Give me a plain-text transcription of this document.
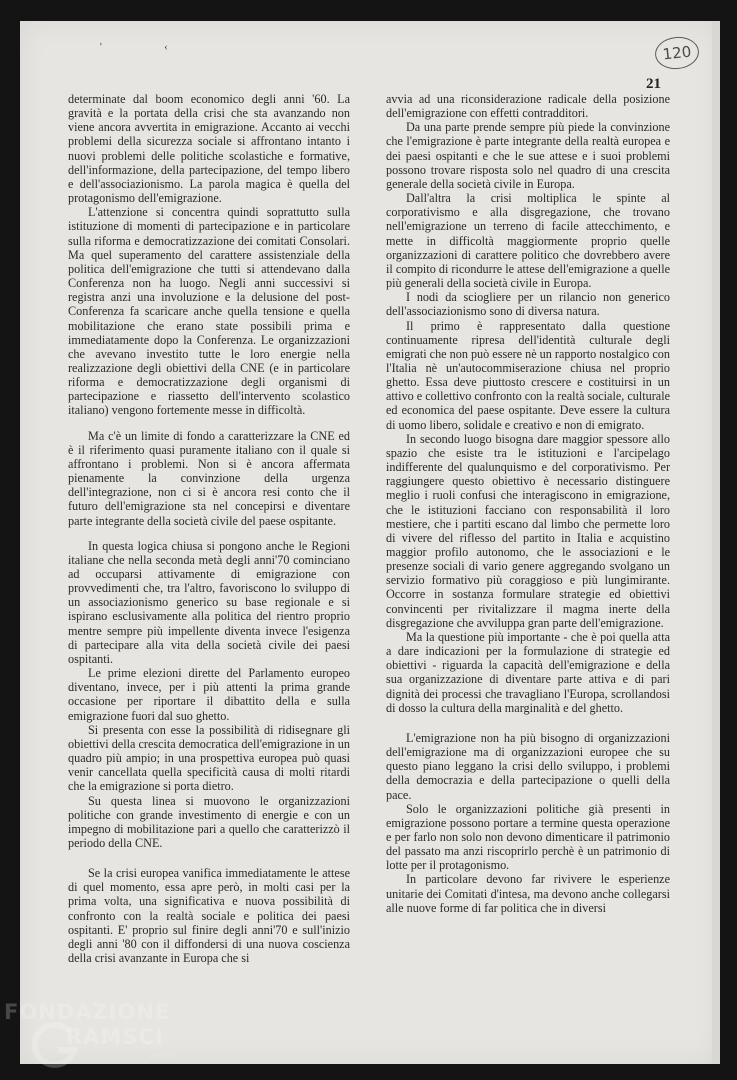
' ‹	120
21

determinate dal boom economico degli anni '60. La gravità e la portata della crisi che sta avanzando non viene ancora avvertita in emigrazione. Accanto ai vecchi problemi della sicurezza sociale si affrontano intanto i nuovi problemi delle politiche scolastiche e formative, dell'informazione, della partecipazione, del tempo libero e dell'associazionismo. La parola magica è quella del protagonismo dell'emigrazione.

L'attenzione si concentra quindi soprattutto sulla istituzione di momenti di partecipazione e in particolare sulla riforma e democratizzazione dei comitati Consolari. Ma quel superamento del carattere assistenziale della politica dell'emigrazione che tutti si attendevano dalla Conferenza non ha luogo. Negli anni successivi si registra anzi una involuzione e la delusione del post-Conferenza fa scaricare anche quella tensione e quella mobilitazione che erano state possibili prima e immediatamente dopo la Conferenza. Le organizzazioni che avevano investito tutte le loro energie nella realizzazione degli obiettivi della CNE (e in particolare riforma e democratizzazione degli organismi di partecipazione e riassetto dell'intervento scolastico italiano) vengono fortemente messe in difficoltà.

Ma c'è un limite di fondo a caratterizzare la CNE ed è il riferimento quasi puramente italiano con il quale si affrontano i problemi. Non si è ancora affermata pienamente la convinzione della urgenza dell'integrazione, non ci si è ancora resi conto che il futuro dell'emigrazione sta nel concepirsi e diventare parte integrante della società civile del paese ospitante.

In questa logica chiusa si pongono anche le Regioni italiane che nella seconda metà degli anni'70 cominciano ad occuparsi attivamente di emigrazione con provvedimenti che, tra l'altro, favoriscono lo sviluppo di un associazionismo generico su base regionale e si ispirano esclusivamente alla politica del rientro proprio mentre sempre più impellente diventa invece l'esigenza di partecipare alla vita della società civile dei paesi ospitanti.

Le prime elezioni dirette del Parlamento europeo diventano, invece, per i più attenti la prima grande occasione per riportare il dibattito della e sulla emigrazione fuori dal suo ghetto.

Si presenta con esse la possibilità di ridisegnare gli obiettivi della crescita democratica dell'emigrazione in un quadro più ampio; in una prospettiva europea può quasi venir cancellata quella specificità causa di molti ritardi che la emigrazione si porta dietro.

Su questa linea si muovono le organizzazioni politiche con grande investimento di energie e con un impegno di mobilitazione pari a quello che caratterizzò il periodo della CNE.

Se la crisi europea vanifica immediatamente le attese di quel momento, essa apre però, in molti casi per la prima volta, una significativa e nuova possibilità di confronto con la realtà sociale e politica dei paesi ospitanti. E' proprio sul finire degli anni'70 e sull'inizio degli anni '80 con il diffondersi di una nuova coscienza della crisi avanzante in Europa che si

avvia ad una riconsiderazione radicale della posizione dell'emigrazione con effetti contradditori.

Da una parte prende sempre più piede la convinzione che l'emigrazione è parte integrante della realtà europea e dei paesi ospitanti e che le sue attese e i suoi problemi possono trovare risposta solo nel quadro di una crescita generale della società civile in Europa.

Dall'altra la crisi moltiplica le spinte al corporativismo e alla disgregazione, che trovano nell'emigrazione un terreno di facile attecchimento, e mette in difficoltà maggiormente proprio quelle organizzazioni di carattere politico che dovrebbero avere il compito di ricondurre le attese dell'emigrazione a quelle più generali della società civile in Europa.

I nodi da sciogliere per un rilancio non generico dell'associazionismo sono di diversa natura.

Il primo è rappresentato dalla questione continuamente ripresa dell'identità culturale degli emigrati che non può essere nè un rapporto nostalgico con l'Italia nè un'autocommiserazione chiusa nel proprio ghetto. Essa deve piuttosto crescere e costituirsi in un attivo e collettivo confronto con la realtà sociale, culturale ed economica del paese ospitante. Deve essere la cultura di uomo libero, solidale e creativo e non di emigrato.

In secondo luogo bisogna dare maggior spessore allo spazio che esiste tra le istituzioni e l'arcipelago indifferente del qualunquismo e del corporativismo. Per raggiungere questo obiettivo è necessario distinguere meglio i ruoli confusi che interagiscono in emigrazione, che le istituzioni facciano con responsabilità il loro mestiere, che i partiti escano dal limbo che permette loro di vivere del riflesso del partito in Italia e acquistino maggior profilo autonomo, che le associazioni e le presenze sociali di vario genere aggregando svolgano un servizio formativo più coraggioso e più lungimirante. Occorre in sostanza formulare strategie ed obiettivi convincenti per rivitalizzare il magma inerte della disgregazione che avviluppa gran parte dell'emigrazione.

Ma la questione più importante - che è poi quella atta a dare indicazioni per la formulazione di strategie ed obiettivi - riguarda la capacità dell'emigrazione e della sua organizzazione di diventare parte attiva e di pari dignità dei processi che travagliano l'Europa, scrollandosi di dosso la cultura della marginalità e del ghetto.

L'emigrazione non ha più bisogno di organizzazioni dell'emigrazione ma di organizzazioni europee che su questo piano leggano la crisi dello sviluppo, i problemi della democrazia e della partecipazione o quelli della pace.

Solo le organizzazioni politiche già presenti in emigrazione possono portare a termine questa operazione e per farlo non solo non devono dimenticare il patrimonio del passato ma anzi riscoprirlo perchè è un patrimonio di lotte per il protagonismo.

In particolare devono far rivivere le esperienze unitarie dei Comitati d'intesa, ma devono anche collegarsi alle nuove forme di far politica che in diversi

FONDAZIONE
RAMSCI
onlus
